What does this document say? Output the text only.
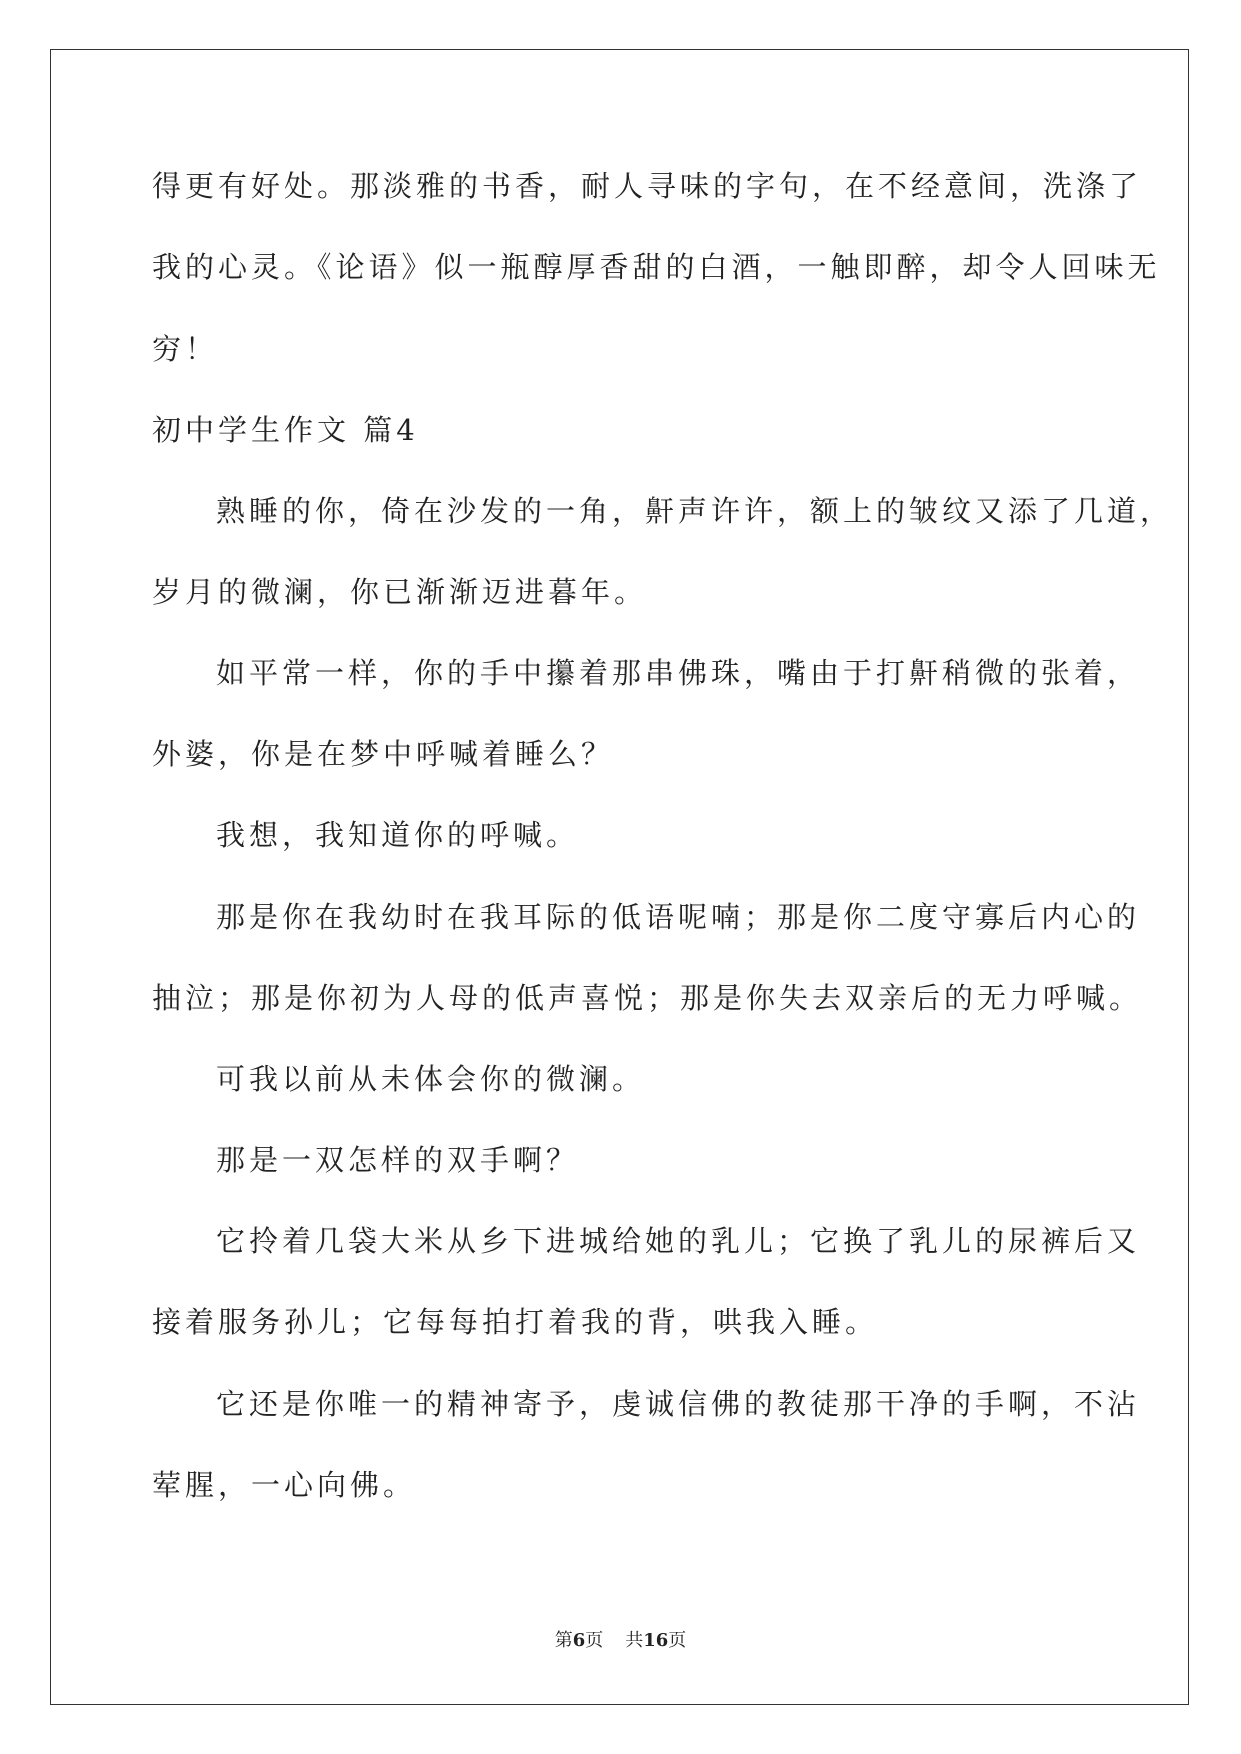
得更有好处。那淡雅的书香，耐人寻味的字句，在不经意间，洗涤了
我的心灵。《论语》似一瓶醇厚香甜的白酒，一触即醉，却令人回味无
穷！
初中学生作文 篇4
熟睡的你，倚在沙发的一角，鼾声许许，额上的皱纹又添了几道，
岁月的微澜，你已渐渐迈进暮年。
如平常一样，你的手中攥着那串佛珠，嘴由于打鼾稍微的张着，
外婆，你是在梦中呼喊着睡么？
我想，我知道你的呼喊。
那是你在我幼时在我耳际的低语呢喃；那是你二度守寡后内心的
抽泣；那是你初为人母的低声喜悦；那是你失去双亲后的无力呼喊。
可我以前从未体会你的微澜。
那是一双怎样的双手啊？
它拎着几袋大米从乡下进城给她的乳儿；它换了乳儿的尿裤后又
接着服务孙儿；它每每拍打着我的背，哄我入睡。
它还是你唯一的精神寄予，虔诚信佛的教徒那干净的手啊，不沾
荤腥，一心向佛。
第6页 共16页
